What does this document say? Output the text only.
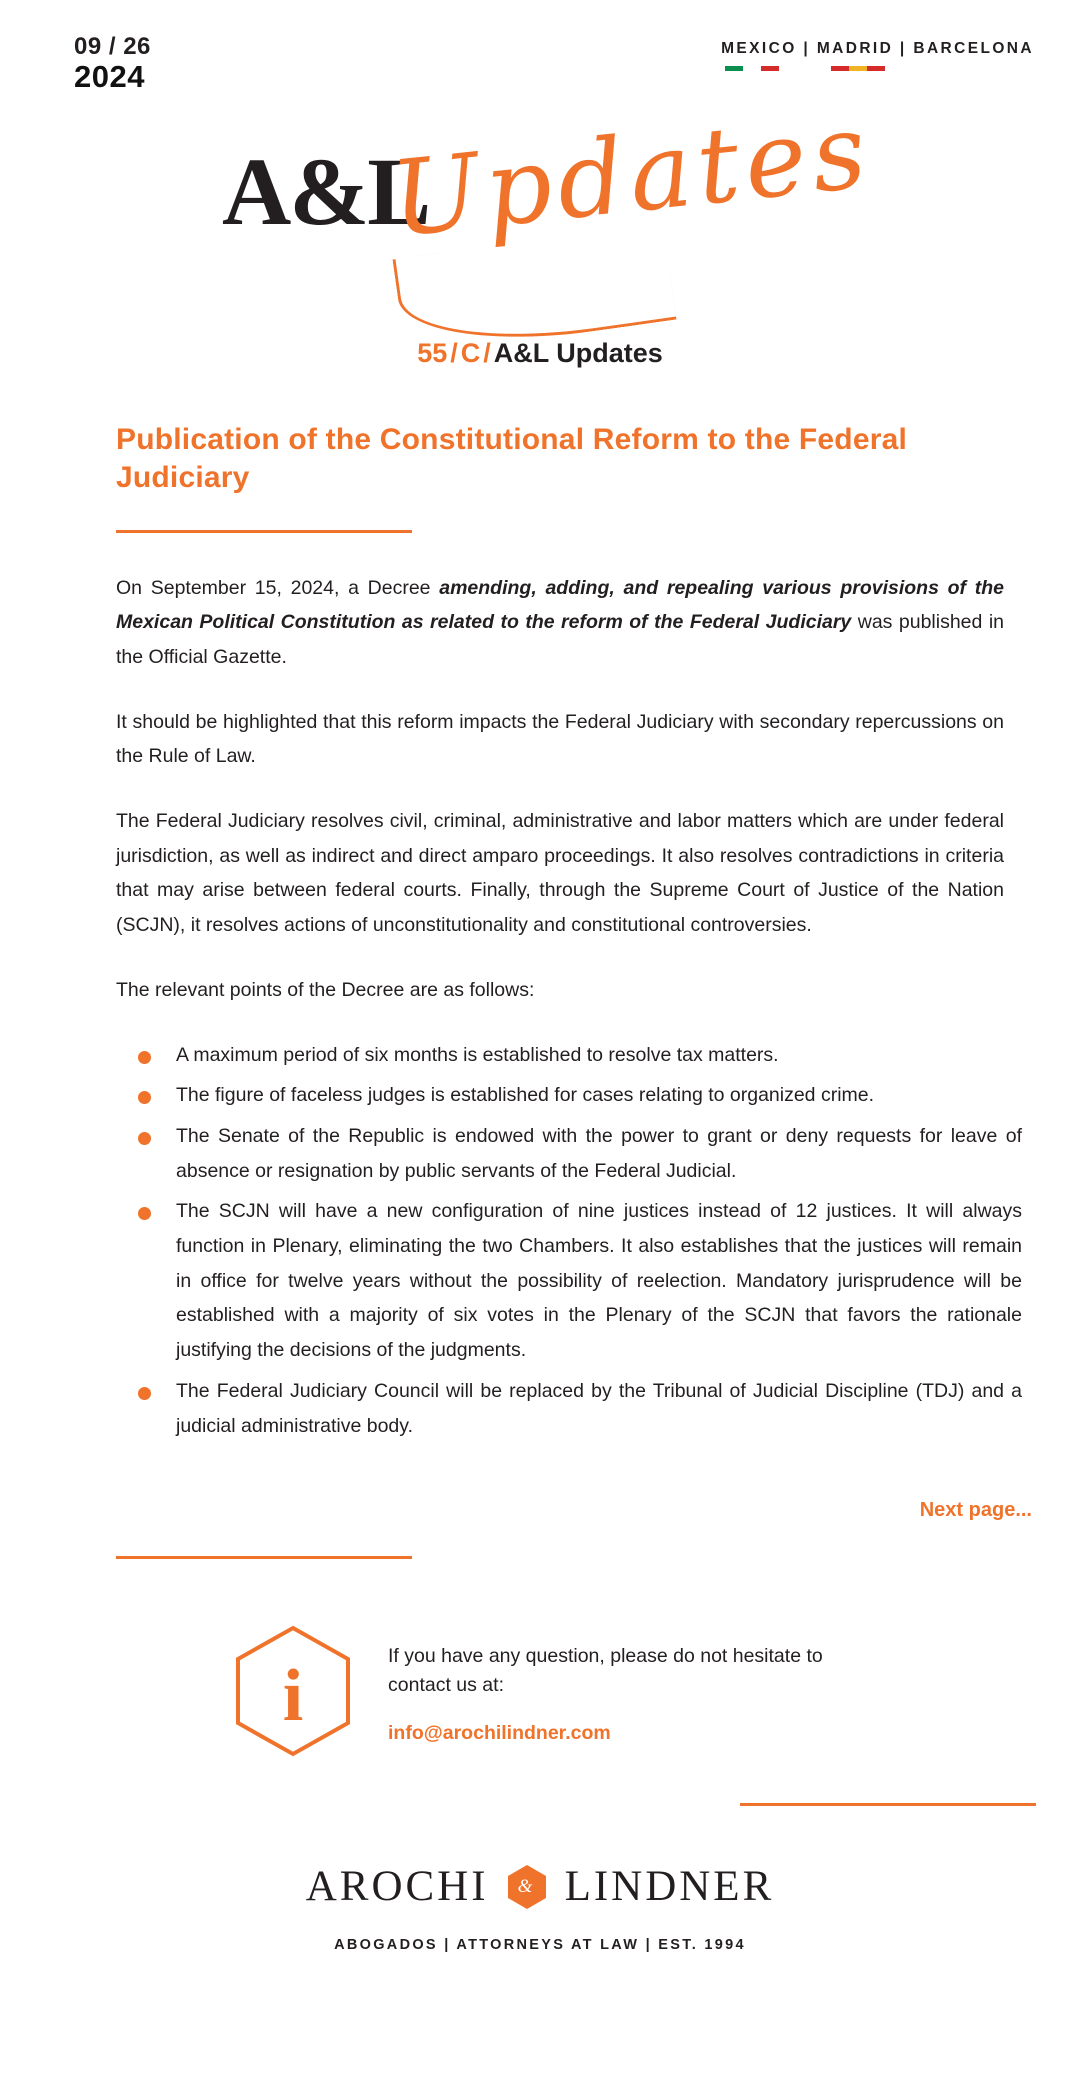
09 / 26
2024
MEXICO | MADRID | BARCELONA
A&L
Updates
55 / C / A&L Updates
Publication of the Constitutional Reform to the Federal Judiciary

On September 15, 2024, a Decree amending, adding, and repealing various provisions of the Mexican Political Constitution as related to the reform of the Federal Judiciary was published in the Official Gazette.

It should be highlighted that this reform impacts the Federal Judiciary with secondary repercussions on the Rule of Law.

The Federal Judiciary resolves civil, criminal, administrative and labor matters which are under federal jurisdiction, as well as indirect and direct amparo proceedings. It also resolves contradictions in criteria that may arise between federal courts. Finally, through the Supreme Court of Justice of the Nation (SCJN), it resolves actions of unconstitutionality and constitutional controversies.

The relevant points of the Decree are as follows:

A maximum period of six months is established to resolve tax matters.
The figure of faceless judges is established for cases relating to organized crime.
The Senate of the Republic is endowed with the power to grant or deny requests for leave of absence or resignation by public servants of the Federal Judicial.
The SCJN will have a new configuration of nine justices instead of 12 justices. It will always function in Plenary, eliminating the two Chambers. It also establishes that the justices will remain in office for twelve years without the possibility of reelection. Mandatory jurisprudence will be established with a majority of six votes in the Plenary of the SCJN that favors the rationale justifying the decisions of the judgments.
The Federal Judiciary Council will be replaced by the Tribunal of Judicial Discipline (TDJ) and a judicial administrative body.
Next page...
i	If you have any question, please do not hesitate to contact us at:
info@arochilindner.com
AROCHI	& LINDNER
ABOGADOS | ATTORNEYS AT LAW | EST. 1994
